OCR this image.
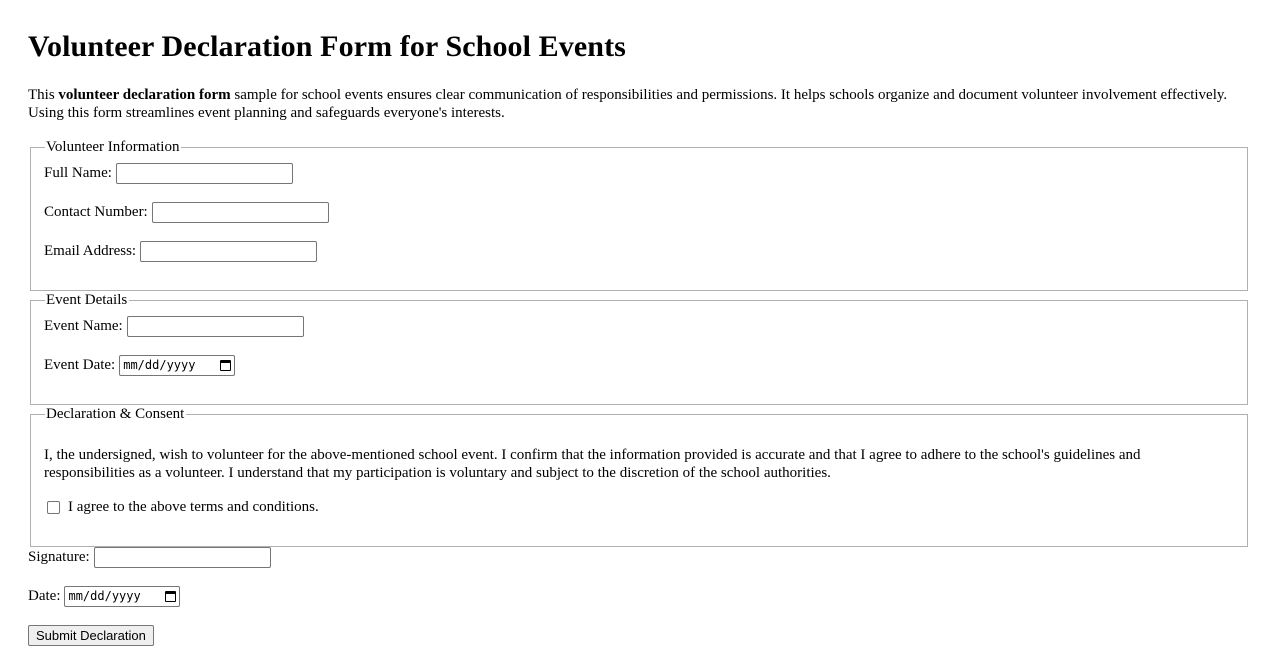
Volunteer Declaration Form for School Events

This volunteer declaration form sample for school events ensures clear communication of responsibilities and permissions. It helps schools organize and document volunteer involvement effectively. Using this form streamlines event planning and safeguards everyone's interests.

Volunteer Information
Full Name:
Contact Number:
Email Address:
Event Details
Event Name:
Event Date: mm/dd/yyyy
Declaration & Consent

I, the undersigned, wish to volunteer for the above-mentioned school event. I confirm that the information provided is accurate and that I agree to adhere to the school's guidelines and responsibilities as a volunteer. I understand that my participation is voluntary and subject to the discretion of the school authorities.

I agree to the above terms and conditions.
Signature:
Date: mm/dd/yyyy
Submit Declaration
